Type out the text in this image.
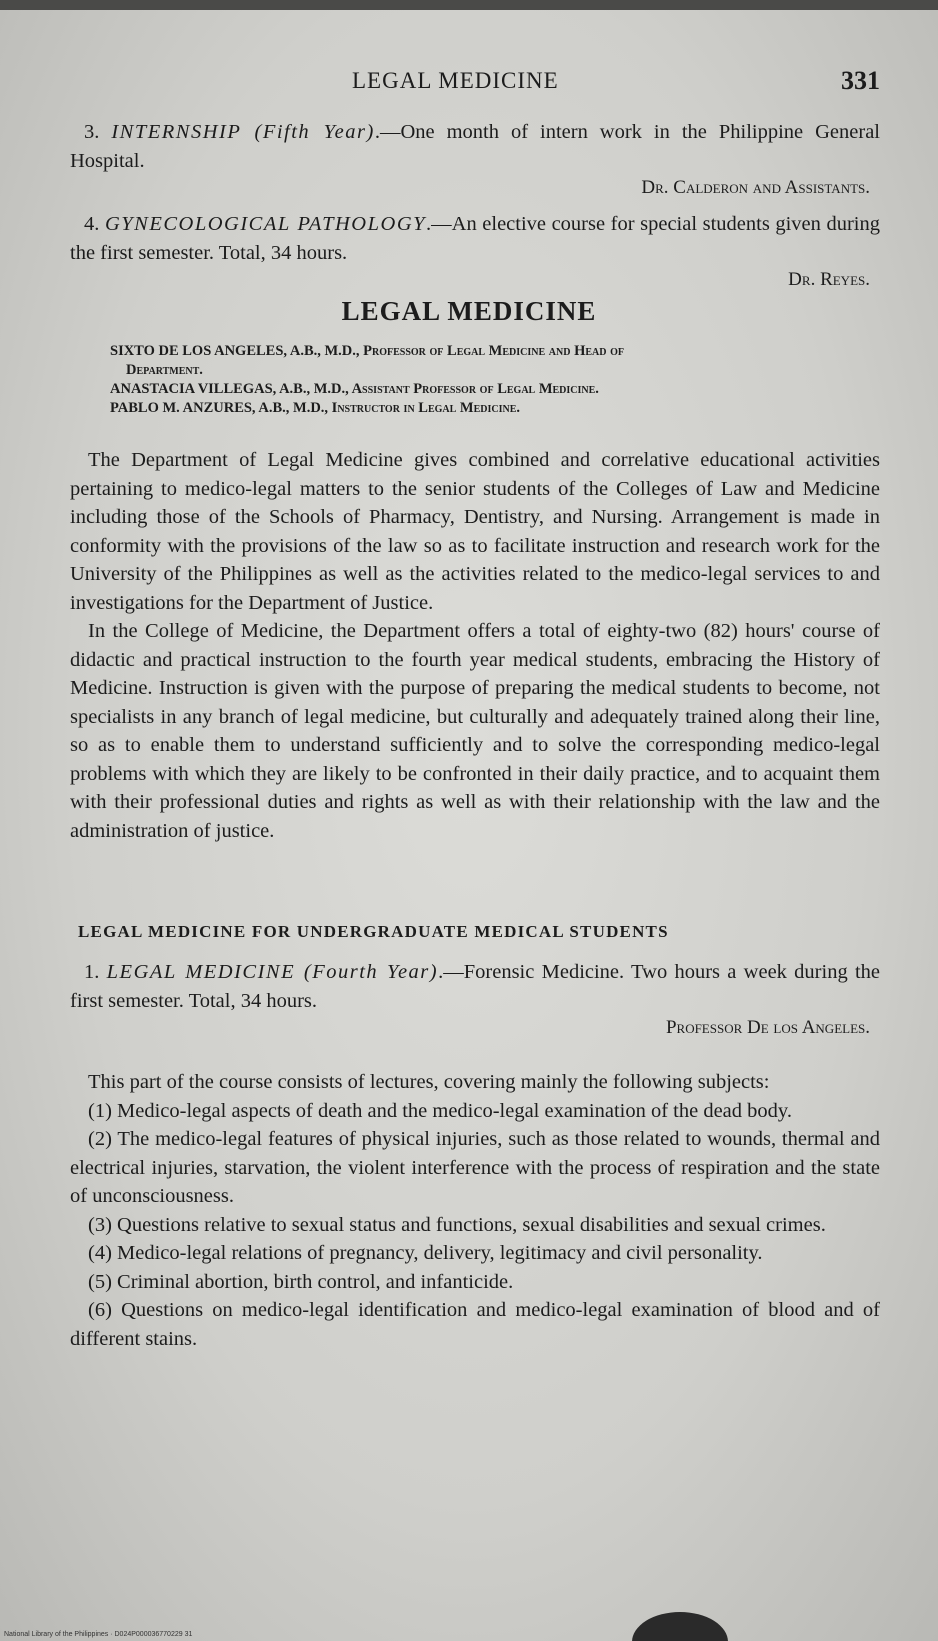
LEGAL MEDICINE	331

3. INTERNSHIP (Fifth Year).—One month of intern work in the Philippine General Hospital.

Dr. Calderon and Assistants.

4. GYNECOLOGICAL PATHOLOGY.—An elective course for special students given during the first semester. Total, 34 hours.

Dr. Reyes.
LEGAL MEDICINE
SIXTO DE LOS ANGELES, A.B., M.D., Professor of Legal Medicine and Head of
Department.
ANASTACIA VILLEGAS, A.B., M.D., Assistant Professor of Legal Medicine.
PABLO M. ANZURES, A.B., M.D., Instructor in Legal Medicine.

The Department of Legal Medicine gives combined and correlative educational activities pertaining to medico-legal matters to the senior students of the Colleges of Law and Medicine including those of the Schools of Pharmacy, Dentistry, and Nursing. Arrangement is made in conformity with the provisions of the law so as to facilitate instruction and research work for the University of the Philippines as well as the activities related to the medico-legal services to and investigations for the Department of Justice.

In the College of Medicine, the Department offers a total of eighty-two (82) hours' course of didactic and practical instruction to the fourth year medical students, embracing the History of Medicine. Instruction is given with the purpose of preparing the medical students to become, not specialists in any branch of legal medicine, but culturally and adequately trained along their line, so as to enable them to understand sufficiently and to solve the corresponding medico-legal problems with which they are likely to be confronted in their daily practice, and to acquaint them with their professional duties and rights as well as with their relationship with the law and the administration of justice.

LEGAL MEDICINE FOR UNDERGRADUATE MEDICAL STUDENTS

1. LEGAL MEDICINE (Fourth Year).—Forensic Medicine. Two hours a week during the first semester. Total, 34 hours.

Professor De los Angeles.

This part of the course consists of lectures, covering mainly the following subjects:

(1) Medico-legal aspects of death and the medico-legal examination of the dead body.

(2) The medico-legal features of physical injuries, such as those related to wounds, thermal and electrical injuries, starvation, the violent interference with the process of respiration and the state of unconsciousness.

(3) Questions relative to sexual status and functions, sexual disabilities and sexual crimes.

(4) Medico-legal relations of pregnancy, delivery, legitimacy and civil personality.

(5) Criminal abortion, birth control, and infanticide.

(6) Questions on medico-legal identification and medico-legal examination of blood and of different stains.

National Library of the Philippines · D024P000036770229 31
